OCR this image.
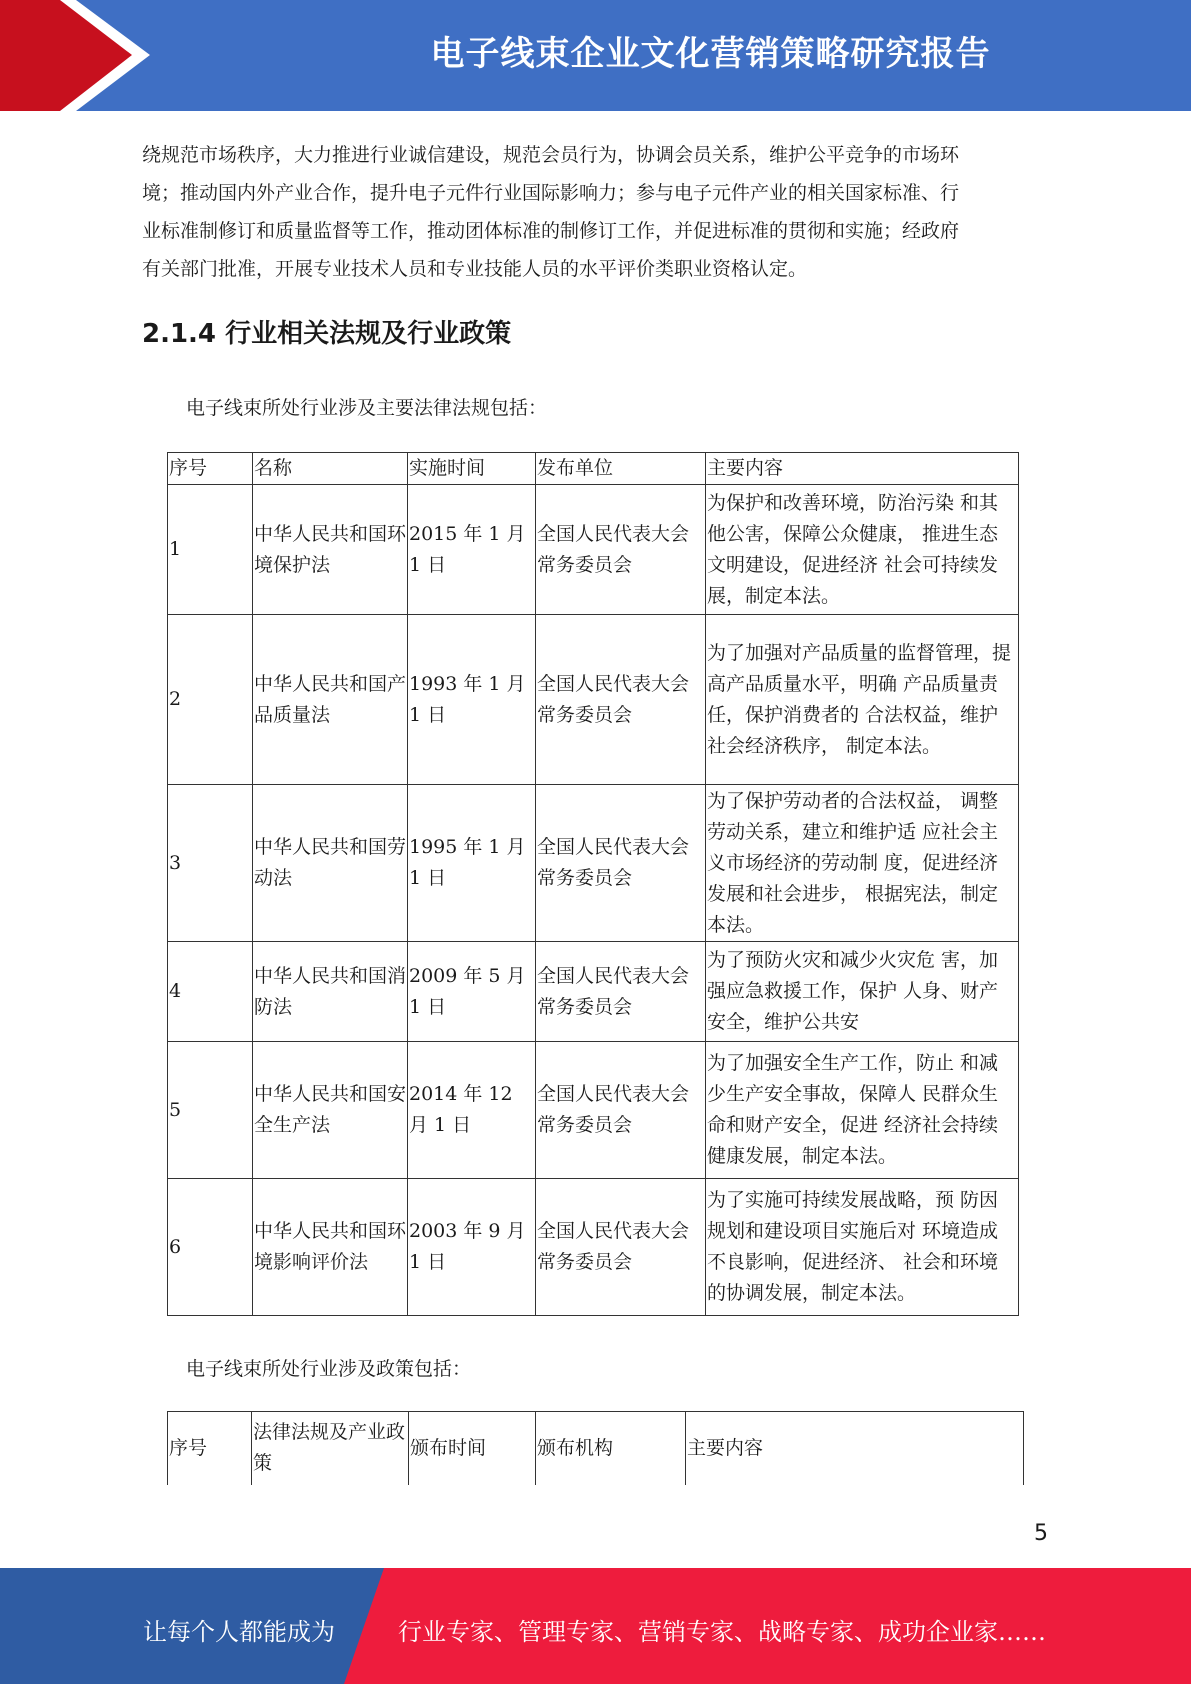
电子线束企业文化营销策略研究报告

绕规范市场秩序，大力推进行业诚信建设，规范会员行为，协调会员关系，维护公平竞争的市场环

境；推动国内外产业合作，提升电子元件行业国际影响力；参与电子元件产业的相关国家标准、行

业标准制修订和质量监督等工作，推动团体标准的制修订工作，并促进标准的贯彻和实施；经政府

有关部门批准，开展专业技术人员和专业技能人员的水平评价类职业资格认定。

2.1.4 行业相关法规及行业政策
电子线束所处行业涉及主要法律法规包括：
序号	名称	实施时间	发布单位	主要内容
1	中华人民共和国环境保护法	2015 年 1 月 1 日	全国人民代表大会常务委员会	为保护和改善环境，防治污染 和其他公害，保障公众健康， 推进生态文明建设，促进经济 社会可持续发展，制定本法。
2	中华人民共和国产品质量法	1993 年 1 月 1 日	全国人民代表大会常务委员会	为了加强对产品质量的监督管理，提高产品质量水平，明确 产品质量责任，保护消费者的 合法权益，维护社会经济秩序， 制定本法。
3	中华人民共和国劳动法	1995 年 1 月 1 日	全国人民代表大会常务委员会	为了保护劳动者的合法权益， 调整劳动关系，建立和维护适 应社会主义市场经济的劳动制 度，促进经济发展和社会进步， 根据宪法，制定本法。
4	中华人民共和国消防法	2009 年 5 月 1 日	全国人民代表大会常务委员会	为了预防火灾和减少火灾危 害，加强应急救援工作，保护 人身、财产安全，维护公共安
5	中华人民共和国安全生产法	2014 年 12 月 1 日	全国人民代表大会常务委员会	为了加强安全生产工作，防止 和减少生产安全事故，保障人 民群众生命和财产安全，促进 经济社会持续健康发展，制定本法。
6	中华人民共和国环境影响评价法	2003 年 9 月 1 日	全国人民代表大会常务委员会	为了实施可持续发展战略，预 防因规划和建设项目实施后对 环境造成不良影响，促进经济、 社会和环境的协调发展，制定本法。
电子线束所处行业涉及政策包括：
序号	法律法规及产业政策	颁布时间	颁布机构	主要内容
5
让每个人都能成为	行业专家、管理专家、营销专家、战略专家、成功企业家……
